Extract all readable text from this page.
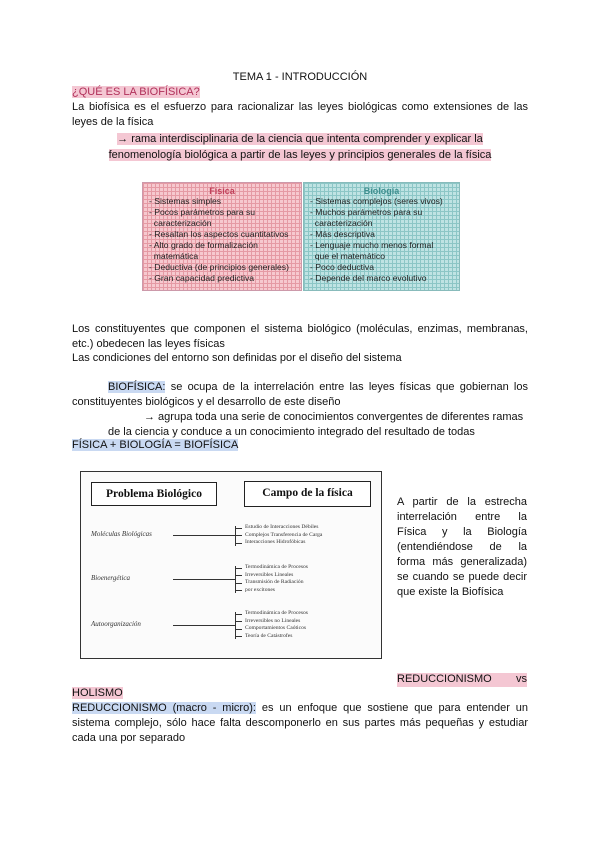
TEMA 1 - INTRODUCCIÓN
¿QUÉ ES LA BIOFÍSICA?
La biofísica es el esfuerzo para racionalizar las leyes biológicas como extensiones de las leyes de la física
→ rama interdisciplinaria de la ciencia que intenta comprender y explicar la
fenomenología biológica a partir de las leyes y principios generales de la física
Física
- Sistemas simples
- Pocos parámetros para su
caracterización
- Resaltan los aspectos cuantitativos
- Alto grado de formalización
matemática
- Deductiva (de principios generales)
- Gran capacidad predictiva
Biología
- Sistemas complejos (seres vivos)
- Muchos parámetros para su
caracterización
- Más descriptiva
- Lenguaje mucho menos formal
que el matemático
- Poco deductiva
- Depende del marco evolutivo
Los constituyentes que componen el sistema biológico (moléculas, enzimas, membranas, etc.) obedecen las leyes físicas
Las condiciones del entorno son definidas por el diseño del sistema
BIOFÍSICA: se ocupa de la interrelación entre las leyes físicas que gobiernan los constituyentes biológicos y el desarrollo de este diseño
→ agrupa toda una serie de conocimientos convergentes de diferentes ramas
de la ciencia y conduce a un conocimiento integrado del resultado de todas
FÍSICA + BIOLOGÍA = BIOFÍSICA
Problema Biológico	Campo de la física
Moléculas Biológicas
Estudio de Interacciones Débiles
Complejos Transferencia de Carga
Interacciones Hidrofóbicas
Bioenergética
Termodinámica de Procesos
Irreversibles Lineales
Transmisión de Radiación
por excitones
Autoorganización
Termodinámica de Procesos
Irreversibles no Lineales
Comportamientos Caóticos
Teoría de Catástrofes
A partir de la estrecha interrelación entre la Física y la Biología (entendiéndose de la forma más generalizada) se cuando se puede decir que existe la Biofísica
REDUCCIONISMO vs
HOLISMO
REDUCCIONISMO (macro - micro): es un enfoque que sostiene que para entender un sistema complejo, sólo hace falta descomponerlo en sus partes más pequeñas y estudiar cada una por separado
